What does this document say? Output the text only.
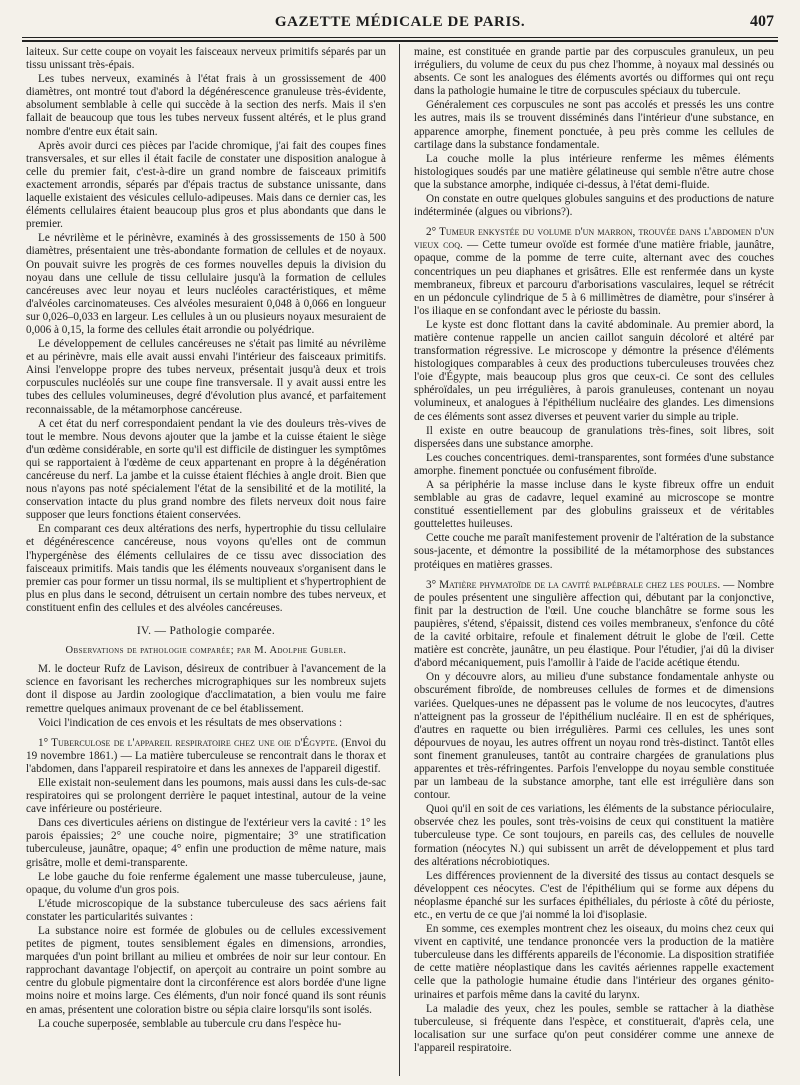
GAZETTE MÉDICALE DE PARIS.	407

laiteux. Sur cette coupe on voyait les faisceaux nerveux primitifs séparés par un tissu unissant très-épais.

Les tubes nerveux, examinés à l'état frais à un grossissement de 400 diamètres, ont montré tout d'abord la dégénérescence granuleuse très-évidente, absolument semblable à celle qui succède à la section des nerfs. Mais il s'en fallait de beaucoup que tous les tubes nerveux fussent altérés, et le plus grand nombre d'entre eux était sain.

Après avoir durci ces pièces par l'acide chromique, j'ai fait des coupes fines transversales, et sur elles il était facile de constater une disposition analogue à celle du premier fait, c'est-à-dire un grand nombre de faisceaux primitifs exactement arrondis, séparés par d'épais tractus de substance unissante, dans laquelle existaient des vésicules cellulo-adipeuses. Mais dans ce dernier cas, les éléments cellulaires étaient beaucoup plus gros et plus abondants que dans le premier.

Le névrilème et le périnèvre, examinés à des grossissements de 150 à 500 diamètres, présentaient une très-abondante formation de cellules et de noyaux. On pouvait suivre les progrès de ces formes nouvelles depuis la division du noyau dans une cellule de tissu cellulaire jusqu'à la formation de cellules cancéreuses avec leur noyau et leurs nucléoles caractéristiques, et même d'alvéoles carcinomateuses. Ces alvéoles mesuraient 0,048 à 0,066 en longueur sur 0,026–0,033 en largeur. Les cellules à un ou plusieurs noyaux mesuraient de 0,006 à 0,15, la forme des cellules était arrondie ou polyédrique.

Le développement de cellules cancéreuses ne s'était pas limité au névrilème et au périnèvre, mais elle avait aussi envahi l'intérieur des faisceaux primitifs. Ainsi l'enveloppe propre des tubes nerveux, présentait jusqu'à deux et trois corpuscules nucléolés sur une coupe fine transversale. Il y avait aussi entre les tubes des cellules volumineuses, degré d'évolution plus avancé, et parfaitement reconnaissable, de la métamorphose cancéreuse.

A cet état du nerf correspondaient pendant la vie des douleurs très-vives de tout le membre. Nous devons ajouter que la jambe et la cuisse étaient le siège d'un œdème considérable, en sorte qu'il est difficile de distinguer les symptômes qui se rapportaient à l'œdème de ceux appartenant en propre à la dégénération cancéreuse du nerf. La jambe et la cuisse étaient fléchies à angle droit. Bien que nous n'ayons pas noté spécialement l'état de la sensibilité et de la motilité, la conservation intacte du plus grand nombre des filets nerveux doit nous faire supposer que leurs fonctions étaient conservées.

En comparant ces deux altérations des nerfs, hypertrophie du tissu cellulaire et dégénérescence cancéreuse, nous voyons qu'elles ont de commun l'hypergénèse des éléments cellulaires de ce tissu avec dissociation des faisceaux primitifs. Mais tandis que les éléments nouveaux s'organisent dans le premier cas pour former un tissu normal, ils se multiplient et s'hypertrophient de plus en plus dans le second, détruisent un certain nombre des tubes nerveux, et constituent enfin des cellules et des alvéoles cancéreuses.

IV. — Pathologie comparée.

Observations de pathologie comparée; par M. Adolphe Gubler.

M. le docteur Rufz de Lavison, désireux de contribuer à l'avancement de la science en favorisant les recherches micrographiques sur les nombreux sujets dont il dispose au Jardin zoologique d'acclimatation, a bien voulu me faire remettre quelques animaux provenant de ce bel établissement.

Voici l'indication de ces envois et les résultats de mes observations :

1° Tuberculose de l'appareil respiratoire chez une oie d'Égypte. (Envoi du 19 novembre 1861.) — La matière tuberculeuse se rencontrait dans le thorax et l'abdomen, dans l'appareil respiratoire et dans les annexes de l'appareil digestif.

Elle existait non-seulement dans les poumons, mais aussi dans les culs-de-sac respiratoires qui se prolongent derrière le paquet intestinal, autour de la veine cave inférieure ou postérieure.

Dans ces diverticules aériens on distingue de l'extérieur vers la cavité : 1° les parois épaissies; 2° une couche noire, pigmentaire; 3° une stratification tuberculeuse, jaunâtre, opaque; 4° enfin une production de même nature, mais grisâtre, molle et demi-transparente.

Le lobe gauche du foie renferme également une masse tuberculeuse, jaune, opaque, du volume d'un gros pois.

L'étude microscopique de la substance tuberculeuse des sacs aériens fait constater les particularités suivantes :

La substance noire est formée de globules ou de cellules excessivement petites de pigment, toutes sensiblement égales en dimensions, arrondies, marquées d'un point brillant au milieu et ombrées de noir sur leur contour. En rapprochant davantage l'objectif, on aperçoit au contraire un point sombre au centre du globule pigmentaire dont la circonférence est alors bordée d'une ligne moins noire et moins large. Ces éléments, d'un noir foncé quand ils sont réunis en amas, présentent une coloration bistre ou sépia claire lorsqu'ils sont isolés.

La couche superposée, semblable au tubercule cru dans l'espèce hu-

maine, est constituée en grande partie par des corpuscules granuleux, un peu irréguliers, du volume de ceux du pus chez l'homme, à noyaux mal dessinés ou absents. Ce sont les analogues des éléments avortés ou difformes qui ont reçu dans la pathologie humaine le titre de corpuscules spéciaux du tubercule.

Généralement ces corpuscules ne sont pas accolés et pressés les uns contre les autres, mais ils se trouvent disséminés dans l'intérieur d'une substance, en apparence amorphe, finement ponctuée, à peu près comme les cellules de cartilage dans la substance fondamentale.

La couche molle la plus intérieure renferme les mêmes éléments histologiques soudés par une matière gélatineuse qui semble n'être autre chose que la substance amorphe, indiquée ci-dessus, à l'état demi-fluide.

On constate en outre quelques globules sanguins et des productions de nature indéterminée (algues ou vibrions?).

2° Tumeur enkystée du volume d'un marron, trouvée dans l'abdomen d'un vieux coq. — Cette tumeur ovoïde est formée d'une matière friable, jaunâtre, opaque, comme de la pomme de terre cuite, alternant avec des couches concentriques un peu diaphanes et grisâtres. Elle est renfermée dans un kyste membraneux, fibreux et parcouru d'arborisations vasculaires, lequel se rétrécit en un pédoncule cylindrique de 5 à 6 millimètres de diamètre, pour s'insérer à l'os iliaque en se confondant avec le périoste du bassin.

Le kyste est donc flottant dans la cavité abdominale. Au premier abord, la matière contenue rappelle un ancien caillot sanguin décoloré et altéré par transformation régressive. Le microscope y démontre la présence d'éléments histologiques comparables à ceux des productions tuberculeuses trouvées chez l'oie d'Égypte, mais beaucoup plus gros que ceux-ci. Ce sont des cellules sphéroïdales, un peu irrégulières, à parois granuleuses, contenant un noyau volumineux, et analogues à l'épithélium nucléaire des glandes. Les dimensions de ces éléments sont assez diverses et peuvent varier du simple au triple.

Il existe en outre beaucoup de granulations très-fines, soit libres, soit dispersées dans une substance amorphe.

Les couches concentriques. demi-transparentes, sont formées d'une substance amorphe. finement ponctuée ou confusément fibroïde.

A sa périphérie la masse incluse dans le kyste fibreux offre un enduit semblable au gras de cadavre, lequel examiné au microscope se montre constitué essentiellement par des globulins graisseux et de véritables gouttelettes huileuses.

Cette couche me paraît manifestement provenir de l'altération de la substance sous-jacente, et démontre la possibilité de la métamorphose des substances protéiques en matières grasses.

3° Matière phymatoïde de la cavité palpébrale chez les poules. — Nombre de poules présentent une singulière affection qui, débutant par la conjonctive, finit par la destruction de l'œil. Une couche blanchâtre se forme sous les paupières, s'étend, s'épaissit, distend ces voiles membraneux, s'enfonce du côté de la cavité orbitaire, refoule et finalement détruit le globe de l'œil. Cette matière est concrète, jaunâtre, un peu élastique. Pour l'étudier, j'ai dû la diviser d'abord mécaniquement, puis l'amollir à l'aide de l'acide acétique étendu.

On y découvre alors, au milieu d'une substance fondamentale anhyste ou obscurément fibroïde, de nombreuses cellules de formes et de dimensions variées. Quelques-unes ne dépassent pas le volume de nos leucocytes, d'autres n'atteignent pas la grosseur de l'épithélium nucléaire. Il en est de sphériques, d'autres en raquette ou bien irrégulières. Parmi ces cellules, les unes sont dépourvues de noyau, les autres offrent un noyau rond très-distinct. Tantôt elles sont finement granuleuses, tantôt au contraire chargées de granulations plus apparentes et très-réfringentes. Parfois l'enveloppe du noyau semble constituée par un lambeau de la substance amorphe, tant elle est irrégulière dans son contour.

Quoi qu'il en soit de ces variations, les éléments de la substance périoculaire, observée chez les poules, sont très-voisins de ceux qui constituent la matière tuberculeuse type. Ce sont toujours, en pareils cas, des cellules de nouvelle formation (néocytes N.) qui subissent un arrêt de développement et plus tard des altérations nécrobiotiques.

Les différences proviennent de la diversité des tissus au contact desquels se développent ces néocytes. C'est de l'épithélium qui se forme aux dépens du néoplasme épanché sur les surfaces épithéliales, du périoste à côté du périoste, etc., en vertu de ce que j'ai nommé la loi d'isoplasie.

En somme, ces exemples montrent chez les oiseaux, du moins chez ceux qui vivent en captivité, une tendance prononcée vers la production de la matière tuberculeuse dans les différents appareils de l'économie. La disposition stratifiée de cette matière néoplastique dans les cavités aériennes rappelle exactement celle que la pathologie humaine étudie dans l'intérieur des organes génito-urinaires et parfois même dans la cavité du larynx.

La maladie des yeux, chez les poules, semble se rattacher à la diathèse tuberculeuse, si fréquente dans l'espèce, et constituerait, d'après cela, une localisation sur une surface qu'on peut considérer comme une annexe de l'appareil respiratoire.
